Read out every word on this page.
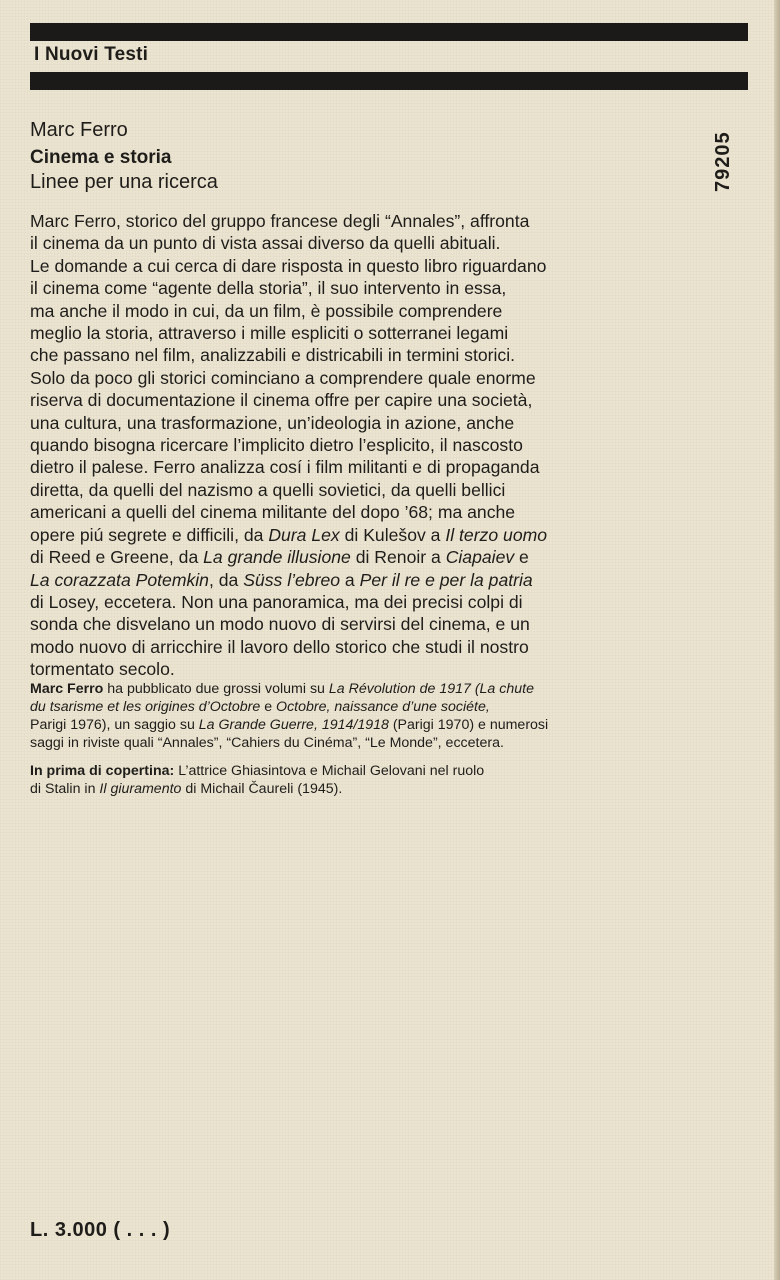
I Nuovi Testi
79205
Marc Ferro
Cinema e storia
Linee per una ricerca
Marc Ferro, storico del gruppo francese degli “Annales”, affronta
il cinema da un punto di vista assai diverso da quelli abituali.
Le domande a cui cerca di dare risposta in questo libro riguardano
il cinema come “agente della storia”, il suo intervento in essa,
ma anche il modo in cui, da un film, è possibile comprendere
meglio la storia, attraverso i mille espliciti o sotterranei legami
che passano nel film, analizzabili e districabili in termini storici.
Solo da poco gli storici cominciano a comprendere quale enorme
riserva di documentazione il cinema offre per capire una società,
una cultura, una trasformazione, un’ideologia in azione, anche
quando bisogna ricercare l’implicito dietro l’esplicito, il nascosto
dietro il palese. Ferro analizza cosí i film militanti e di propaganda
diretta, da quelli del nazismo a quelli sovietici, da quelli bellici
americani a quelli del cinema militante del dopo ’68; ma anche
opere piú segrete e difficili, da Dura Lex di Kulešov a Il terzo uomo
di Reed e Greene, da La grande illusione di Renoir a Ciapaiev e
La corazzata Potemkin, da Süss l’ebreo a Per il re e per la patria
di Losey, eccetera. Non una panoramica, ma dei precisi colpi di
sonda che disvelano un modo nuovo di servirsi del cinema, e un
modo nuovo di arricchire il lavoro dello storico che studi il nostro
tormentato secolo.

Marc Ferro ha pubblicato due grossi volumi su La Révolution de 1917 (La chute
du tsarisme et les origines d’Octobre e Octobre, naissance d’une sociéte,
Parigi 1976), un saggio su La Grande Guerre, 1914/1918 (Parigi 1970) e numerosi
saggi in riviste quali “Annales”, “Cahiers du Cinéma”, “Le Monde”, eccetera.

In prima di copertina: L’attrice Ghiasintova e Michail Gelovani nel ruolo
di Stalin in Il giuramento di Michail Čaureli (1945).

L. 3.000 ( . . . )
